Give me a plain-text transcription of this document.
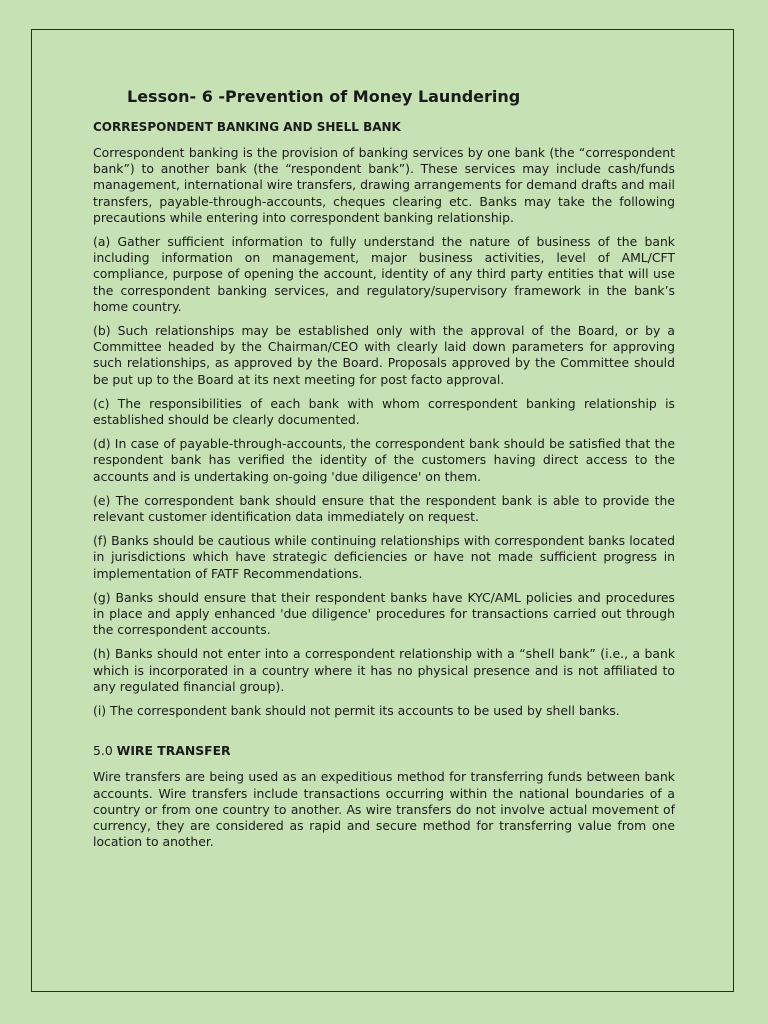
Lesson- 6 -Prevention of Money Laundering
CORRESPONDENT BANKING AND SHELL BANK

Correspondent banking is the provision of banking services by one bank (the “correspondent bank”) to another bank (the “respondent bank”). These services may include cash/funds management, international wire transfers, drawing arrangements for demand drafts and mail transfers, payable-through-accounts, cheques clearing etc. Banks may take the following precautions while entering into correspondent banking relationship.

(a) Gather sufficient information to fully understand the nature of business of the bank including information on management, major business activities, level of AML/CFT compliance, purpose of opening the account, identity of any third party entities that will use the correspondent banking services, and regulatory/supervisory framework in the bank’s home country.

(b) Such relationships may be established only with the approval of the Board, or by a Committee headed by the Chairman/CEO with clearly laid down parameters for approving such relationships, as approved by the Board. Proposals approved by the Committee should be put up to the Board at its next meeting for post facto approval.

(c) The responsibilities of each bank with whom correspondent banking relationship is established should be clearly documented.

(d) In case of payable-through-accounts, the correspondent bank should be satisfied that the respondent bank has verified the identity of the customers having direct access to the accounts and is undertaking on-going 'due diligence' on them.

(e) The correspondent bank should ensure that the respondent bank is able to provide the relevant customer identification data immediately on request.

(f) Banks should be cautious while continuing relationships with correspondent banks located in jurisdictions which have strategic deficiencies or have not made sufficient progress in implementation of FATF Recommendations.

(g) Banks should ensure that their respondent banks have KYC/AML policies and procedures in place and apply enhanced 'due diligence' procedures for transactions carried out through the correspondent accounts.

(h) Banks should not enter into a correspondent relationship with a “shell bank” (i.e., a bank which is incorporated in a country where it has no physical presence and is not affiliated to any regulated financial group).

(i) The correspondent bank should not permit its accounts to be used by shell banks.

5.0 WIRE TRANSFER

Wire transfers are being used as an expeditious method for transferring funds between bank accounts. Wire transfers include transactions occurring within the national boundaries of a country or from one country to another. As wire transfers do not involve actual movement of currency, they are considered as rapid and secure method for transferring value from one location to another.
